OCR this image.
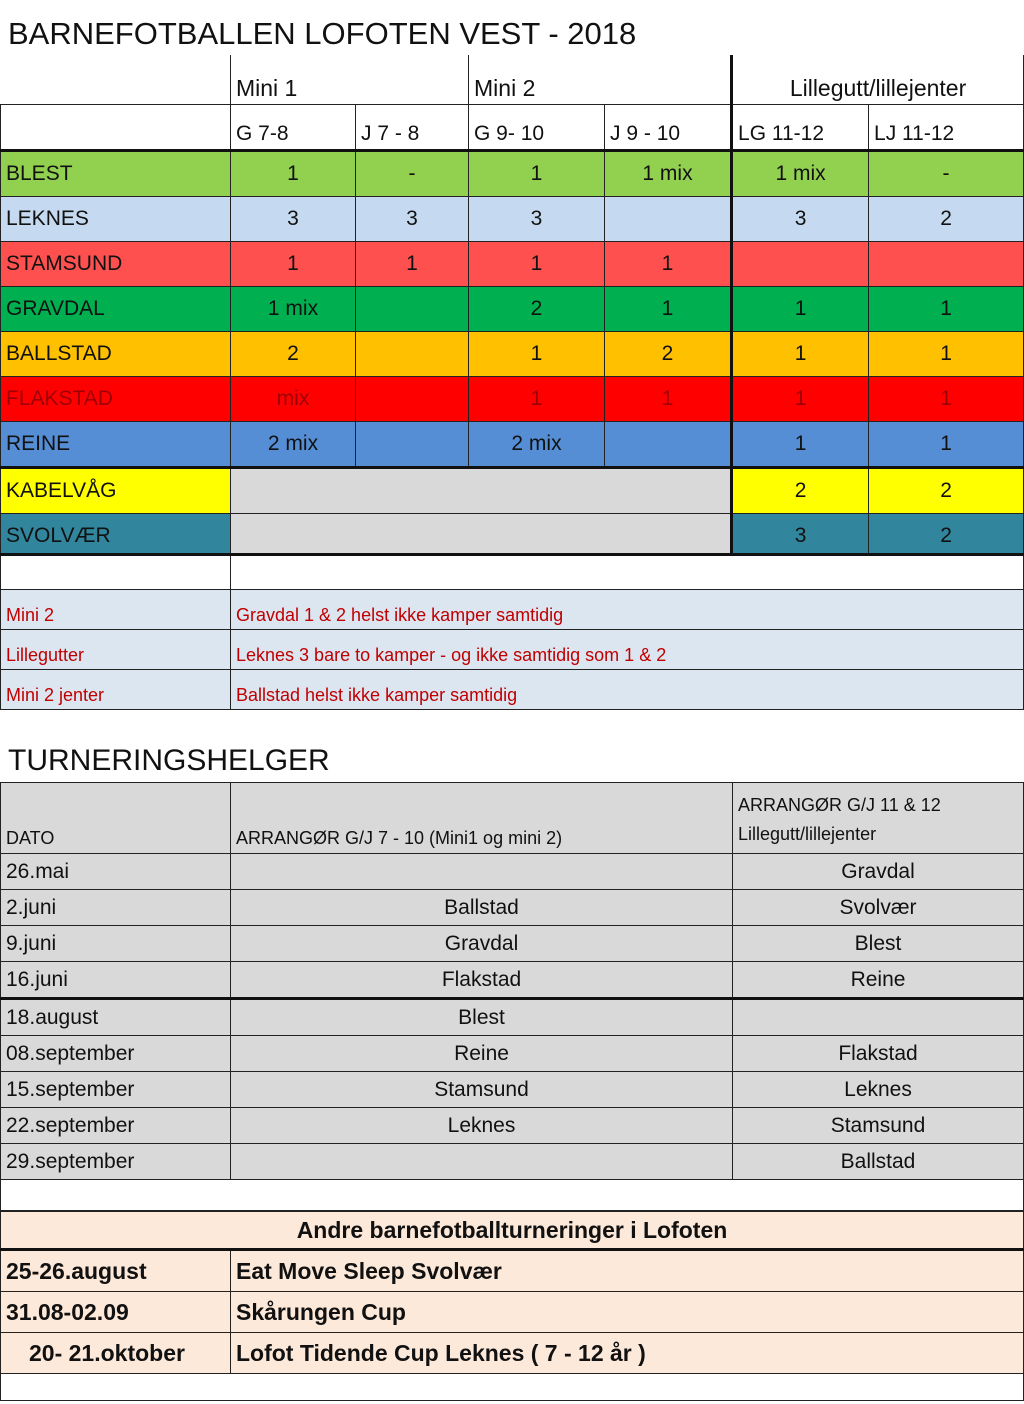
BARNEFOTBALLEN LOFOTEN VEST - 2018
	Mini 1		Mini 2		Lillegutt/lillejenter	
	G 7-8	J 7 - 8	G 9- 10	J 9 - 10	LG 11-12	LJ 11-12
BLEST	1	-	1	1 mix	1 mix	-
LEKNES	3	3	3		3	2
STAMSUND	1	1	1	1		
GRAVDAL	1 mix		2	1	1	1
BALLSTAD	2		1	2	1	1
FLAKSTAD	mix		1	1	1	1
REINE	2 mix		2 mix		1	1
KABELVÅG					2	2
SVOLVÆR					3	2

Mini 2	Gravdal 1 & 2 helst ikke kamper samtidig
Lillegutter	Leknes 3 bare to kamper - og ikke samtidig som 1 & 2
Mini 2 jenter	Ballstad helst ikke kamper samtidig
TURNERINGSHELGER
DATO	ARRANGØR G/J 7 - 10 (Mini1 og mini 2)	ARRANGØR G/J 11 & 12
Lillegutt/lillejenter
26.mai		Gravdal
2.juni	Ballstad	Svolvær
9.juni	Gravdal	Blest
16.juni	Flakstad	Reine
18.august	Blest	
08.september	Reine	Flakstad
15.september	Stamsund	Leknes
22.september	Leknes	Stamsund
29.september		Ballstad
Andre barnefotballturneringer i Lofoten	
25-26.august	Eat Move Sleep Svolvær
31.08-02.09	Skårungen Cup
20- 21.oktober	Lofot Tidende Cup Leknes ( 7 - 12 år )
